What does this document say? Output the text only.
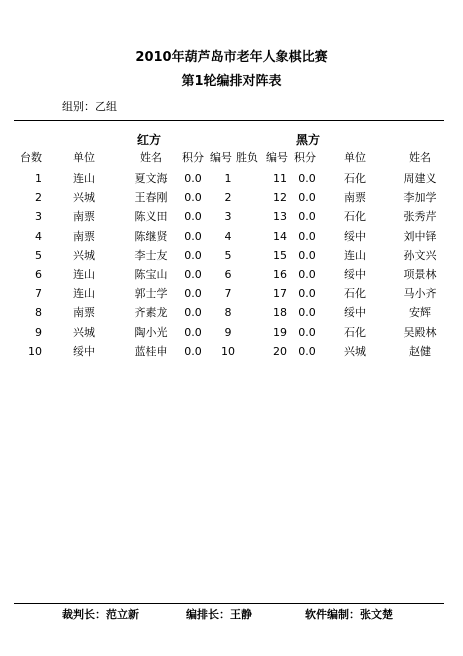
2010年葫芦岛市老年人象棋比赛
第1轮编排对阵表
组别：乙组
红方	黑方
台数	单位	姓名 积分 编号 胜负 编号 积分	单位	姓名
1	连山	夏文海 0.0 1	11 0.0	石化	周建义
2	兴城	王春刚 0.0 2	12 0.0	南票	李加学
3	南票	陈义田 0.0 3	13 0.0	石化	张秀芹
4	南票	陈继贤 0.0 4	14 0.0	绥中	刘中铎
5	兴城	李士友 0.0 5	15 0.0	连山	孙文兴
6	连山	陈宝山 0.0 6	16 0.0	绥中	项景林
7	连山	郭士学 0.0 7	17 0.0	石化	马小齐
8	南票	齐素龙 0.0 8	18 0.0	绥中	安辉
9	兴城	陶小光 0.0 9	19 0.0	石化	吴殿林
10	绥中	蓝桂申 0.0 10	20 0.0	兴城	赵健
裁判长：范立新	编排长：王静	软件编制：张文楚
